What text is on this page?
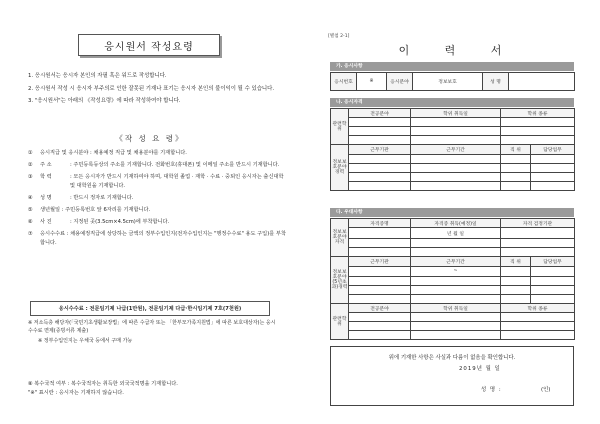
응시원서 작성요령

1. 응시원서는 응시자 본인의 자필 혹은 워드로 작성합니다.

2. 응시원서 작성 시 응시자 부주의로 인한 잘못된 기재나 표기는 응시자 본인의 불이익이 될 수 있습니다.

3. "응시원서"는 아래의 《작성요령》에 따라 작성하여야 합니다.

《작 성 요 령》
①	응시직급 및 응시분야 : 채용예정 직급 및 채용분야를 기재합니다.
②	주 소	: 주민등록등상의 주소를 기재합니다. 전화번호(휴대폰) 및 이메일 주소를 반드시 기재합니다.
③	학 력	: 모든 응시자가 반드시 기재하여야 하며, 대학원 졸업 · 재학 · 수료 · 중퇴인 응시자는 출신대학 및 대학원을 기재합니다.
④	성 명	: 반드시 정자로 기재합니다.
⑤	생년월일 : 주민등록번호 앞 6자리를 기재합니다.
⑥	사 진	: 지정된 곳(3.5cm×4.5cm)에 부착합니다.
⑦	응시수수료 : 채용예정직급에 상당하는 금액의 정부수입인지(전자수입인지는 "행정수수료" 용도 구입)를 부착합니다.
응시수수료 : 전문임기제 나급(1만원), 전문임기제 다급·한시임기제 7호(7천원)

※ 저소득층 해당자(「국민기초생활보장법」에 따른 수급자 또는 「한부모가족지원법」에 따른 보호대상자)는 응시수수료 면제(증빙서류 제출)

※ 정부수입인지는 우체국 등에서 구매 가능

⑧ 복수국적 여부 : 복수국적자는 취득한 외국국적명을 기재합니다.

"※" 표시란 : 응시자는 기재하지 않습니다.

[별첨 2-1]
이 력 서
가. 응시사항
응시번호	※	응시분야	정보보호	성 명	
나. 응시자격
관련학위	전공분야	학위 취득일	학위 종류	

정보보호분야경력	근무기관	근무기간	직 위	담당업무

다. 우대사항
정보보호분야자격	자격증명	자격증 취득(예정)일	자격 검정기관	
		년 월 일		

정보보호분야(5년초과)경력	근무기관	근무기간	직 위	담당업무
		~		

관련학위	전공분야	학위 취득일	학위 종류	

위에 기재한 사항은 사실과 다름이 없음을 확인합니다.
2019년 월 일
성 명 :	(인)
